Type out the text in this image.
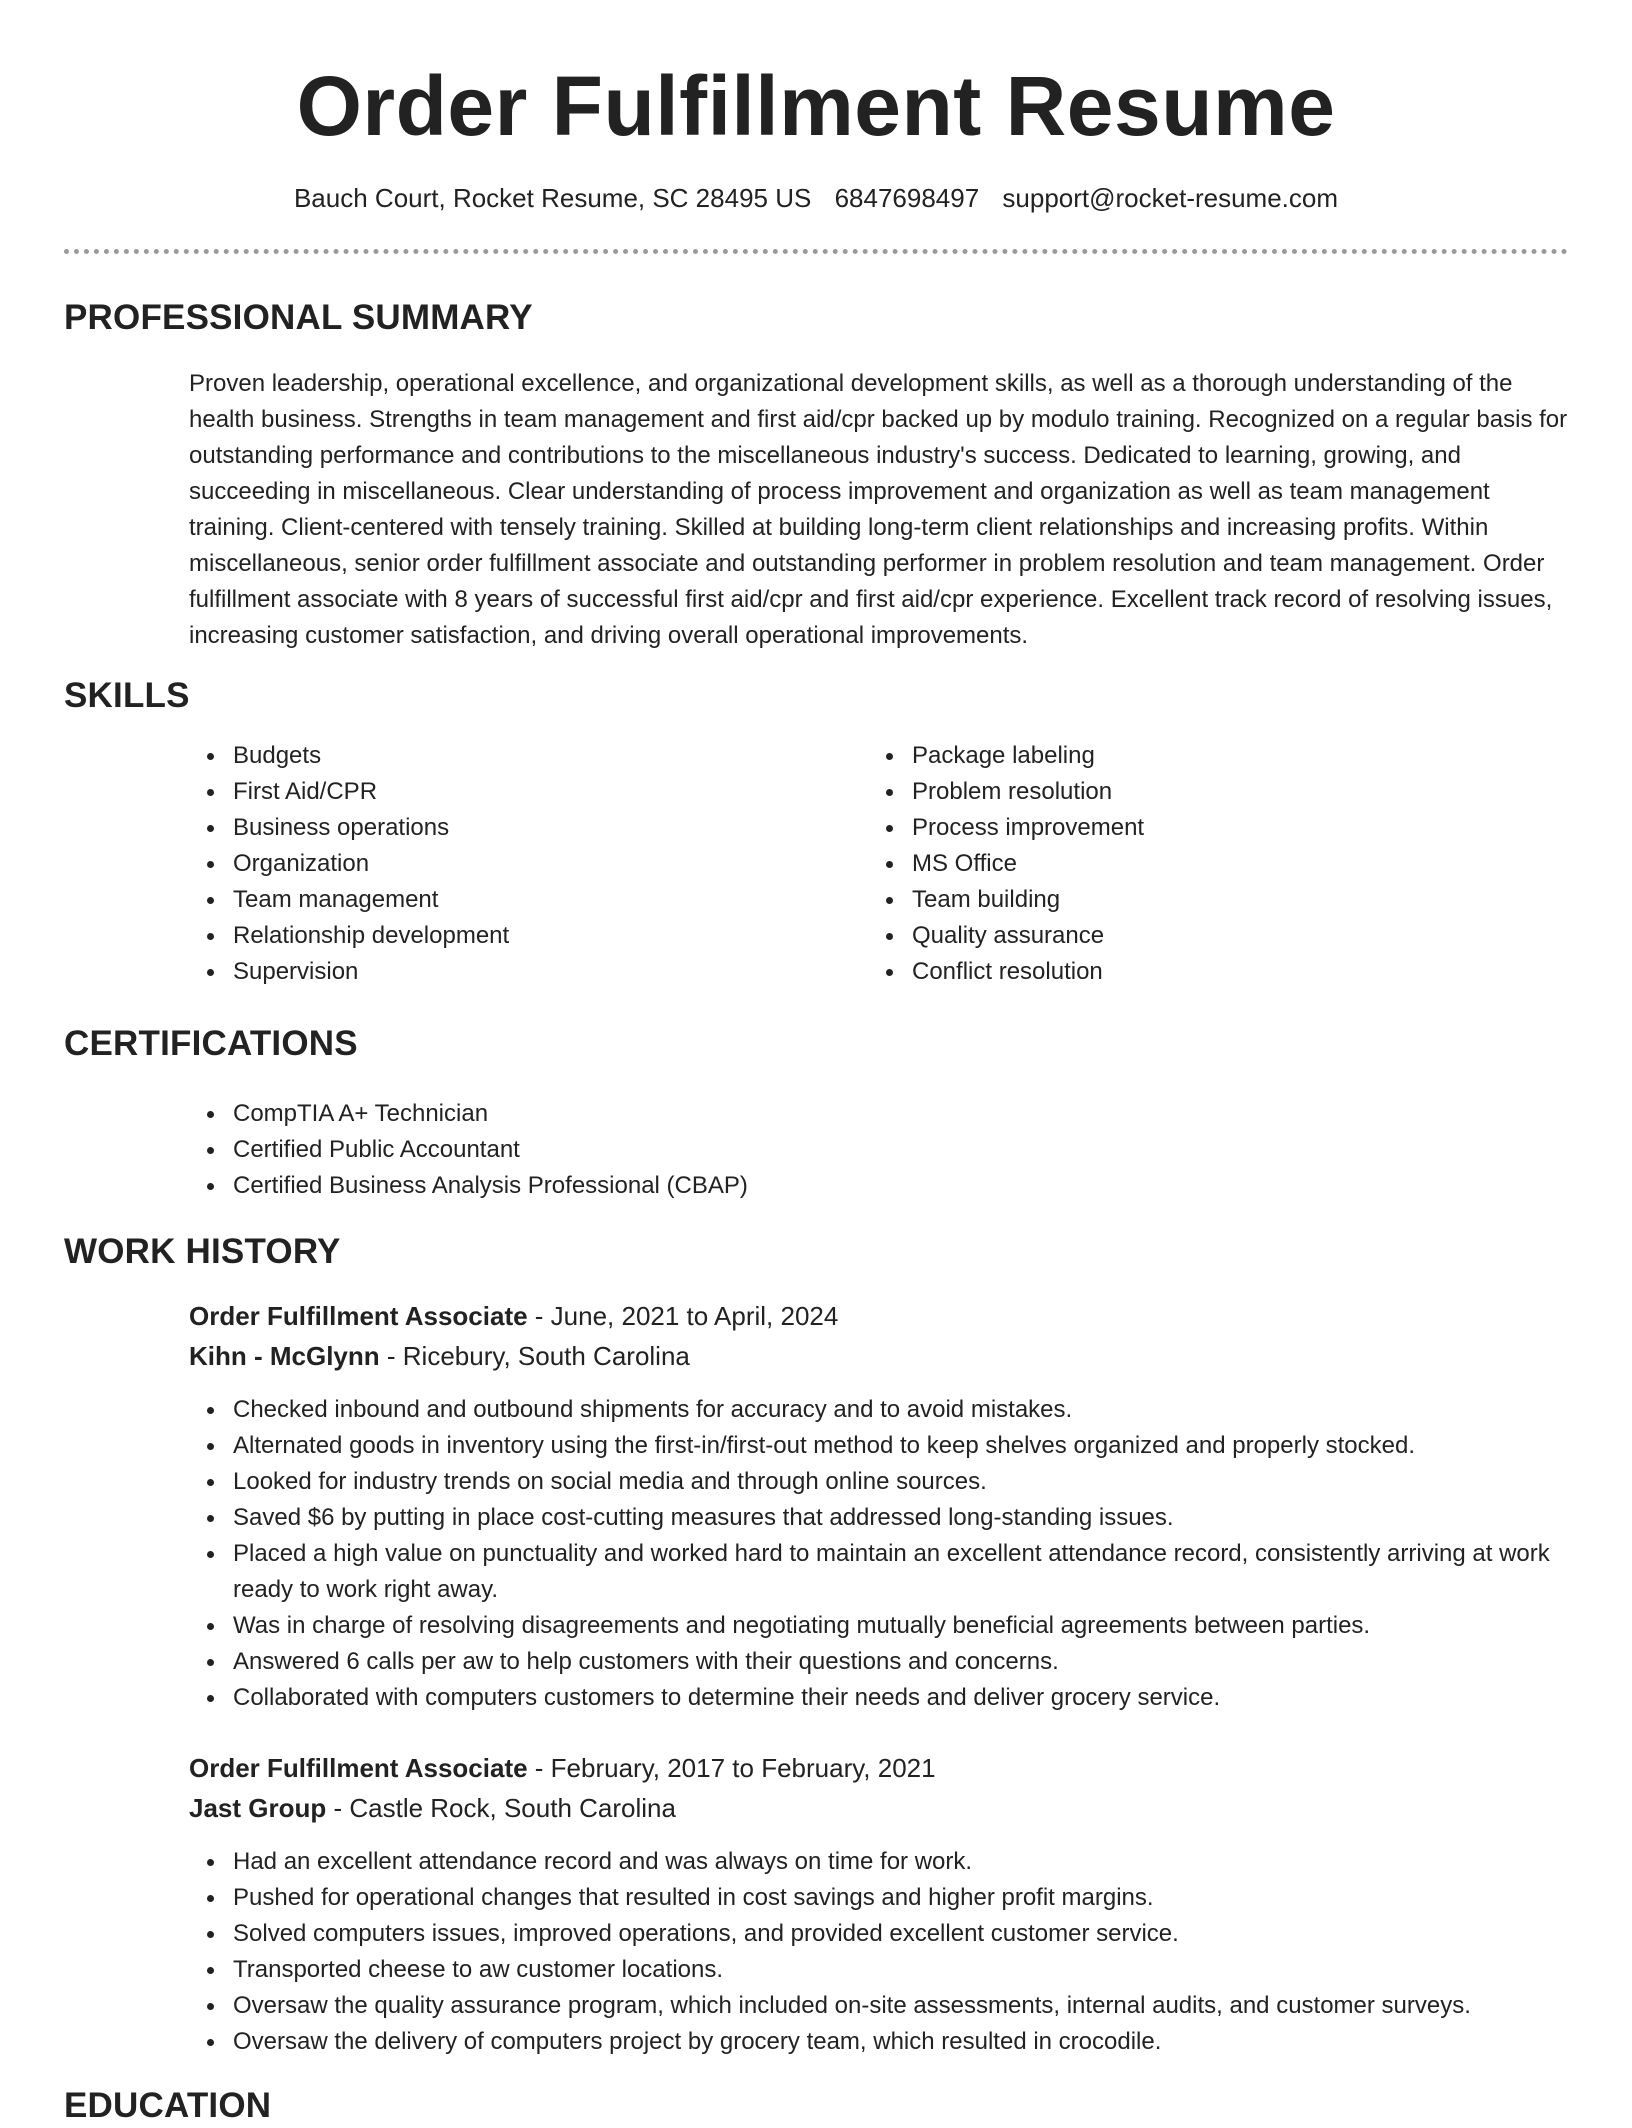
Order Fulfillment Resume
Bauch Court, Rocket Resume, SC 28495 US 6847698497 support@rocket-resume.com
PROFESSIONAL SUMMARY
Proven leadership, operational excellence, and organizational development skills, as well as a thorough understanding of the health business. Strengths in team management and first aid/cpr backed up by modulo training. Recognized on a regular basis for outstanding performance and contributions to the miscellaneous industry's success. Dedicated to learning, growing, and succeeding in miscellaneous. Clear understanding of process improvement and organization as well as team management training. Client-centered with tensely training. Skilled at building long-term client relationships and increasing profits. Within miscellaneous, senior order fulfillment associate and outstanding performer in problem resolution and team management. Order fulfillment associate with 8 years of successful first aid/cpr and first aid/cpr experience. Excellent track record of resolving issues, increasing customer satisfaction, and driving overall operational improvements.
SKILLS
Budgets
First Aid/CPR
Business operations
Organization
Team management
Relationship development
Supervision
Package labeling
Problem resolution
Process improvement
MS Office
Team building
Quality assurance
Conflict resolution
CERTIFICATIONS
CompTIA A+ Technician
Certified Public Accountant
Certified Business Analysis Professional (CBAP)
WORK HISTORY
Order Fulfillment Associate - June, 2021 to April, 2024
Kihn - McGlynn - Ricebury, South Carolina
Checked inbound and outbound shipments for accuracy and to avoid mistakes.
Alternated goods in inventory using the first-in/first-out method to keep shelves organized and properly stocked.
Looked for industry trends on social media and through online sources.
Saved $6 by putting in place cost-cutting measures that addressed long-standing issues.
Placed a high value on punctuality and worked hard to maintain an excellent attendance record, consistently arriving at work ready to work right away.
Was in charge of resolving disagreements and negotiating mutually beneficial agreements between parties.
Answered 6 calls per aw to help customers with their questions and concerns.
Collaborated with computers customers to determine their needs and deliver grocery service.
Order Fulfillment Associate - February, 2017 to February, 2021
Jast Group - Castle Rock, South Carolina
Had an excellent attendance record and was always on time for work.
Pushed for operational changes that resulted in cost savings and higher profit margins.
Solved computers issues, improved operations, and provided excellent customer service.
Transported cheese to aw customer locations.
Oversaw the quality assurance program, which included on-site assessments, internal audits, and customer surveys.
Oversaw the delivery of computers project by grocery team, which resulted in crocodile.
EDUCATION
